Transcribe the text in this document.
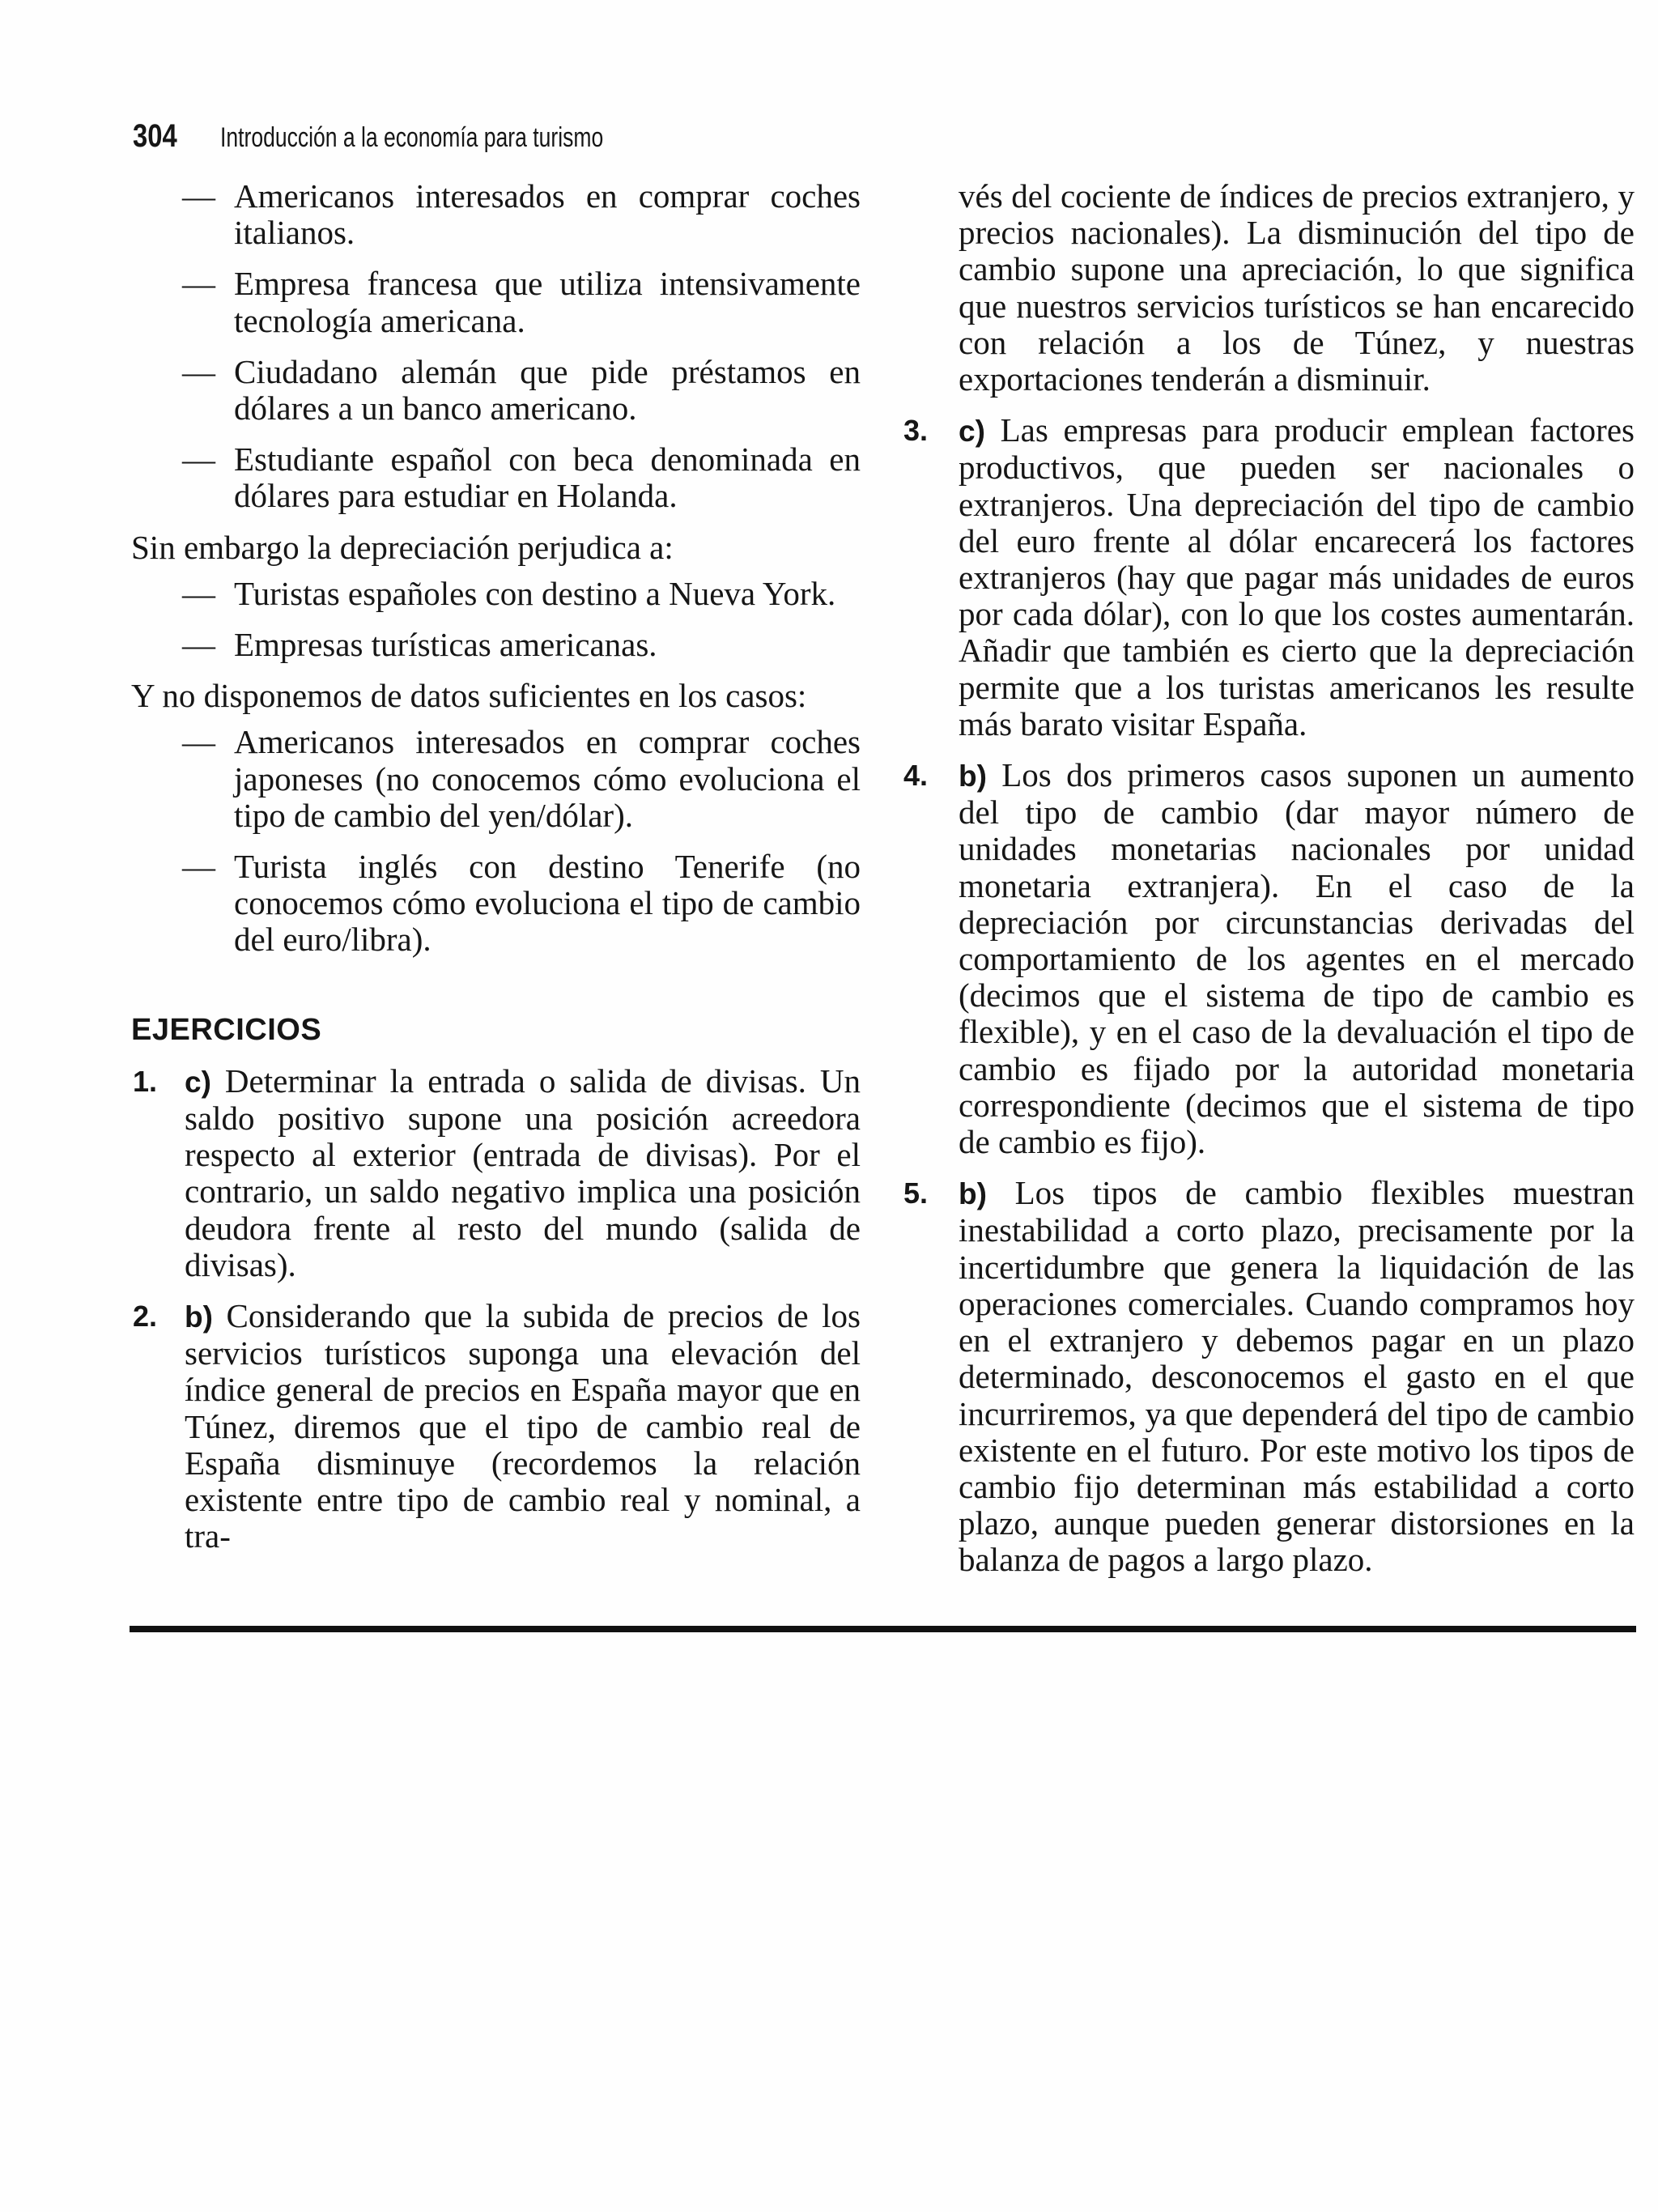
304	Introducción a la economía para turismo
— Americanos interesados en comprar coches italianos.
— Empresa francesa que utiliza intensivamente tecnología americana.
— Ciudadano alemán que pide préstamos en dólares a un banco americano.
— Estudiante español con beca denominada en dólares para estudiar en Holanda.

Sin embargo la depreciación perjudica a:

— Turistas españoles con destino a Nueva York.
— Empresas turísticas americanas.

Y no disponemos de datos suficientes en los casos:

— Americanos interesados en comprar coches japoneses (no conocemos cómo evoluciona el tipo de cambio del yen/dólar).
— Turista inglés con destino Tenerife (no conocemos cómo evoluciona el tipo de cambio del euro/libra).
EJERCICIOS
1. c) Determinar la entrada o salida de divisas. Un saldo positivo supone una posición acreedora respecto al exterior (entrada de divisas). Por el contrario, un saldo negativo implica una posición deudora frente al resto del mundo (salida de divisas).
2. b) Considerando que la subida de precios de los servicios turísticos suponga una elevación del índice general de precios en España mayor que en Túnez, diremos que el tipo de cambio real de España disminuye (recordemos la relación existente entre tipo de cambio real y nominal, a tra-
vés del cociente de índices de precios extranjero, y precios nacionales). La disminución del tipo de cambio supone una apreciación, lo que significa que nuestros servicios turísticos se han encarecido con relación a los de Túnez, y nuestras exportaciones tenderán a disminuir.
3. c) Las empresas para producir emplean factores productivos, que pueden ser nacionales o extranjeros. Una depreciación del tipo de cambio del euro frente al dólar encarecerá los factores extranjeros (hay que pagar más unidades de euros por cada dólar), con lo que los costes aumentarán. Añadir que también es cierto que la depreciación permite que a los turistas americanos les resulte más barato visitar España.
4. b) Los dos primeros casos suponen un aumento del tipo de cambio (dar mayor número de unidades monetarias nacionales por unidad monetaria extranjera). En el caso de la depreciación por circunstancias derivadas del comportamiento de los agentes en el mercado (decimos que el sistema de tipo de cambio es flexible), y en el caso de la devaluación el tipo de cambio es fijado por la autoridad monetaria correspondiente (decimos que el sistema de tipo de cambio es fijo).
5. b) Los tipos de cambio flexibles muestran inestabilidad a corto plazo, precisamente por la incertidumbre que genera la liquidación de las operaciones comerciales. Cuando compramos hoy en el extranjero y debemos pagar en un plazo determinado, desconocemos el gasto en el que incurriremos, ya que dependerá del tipo de cambio existente en el futuro. Por este motivo los tipos de cambio fijo determinan más estabilidad a corto plazo, aunque pueden generar distorsiones en la balanza de pagos a largo plazo.
